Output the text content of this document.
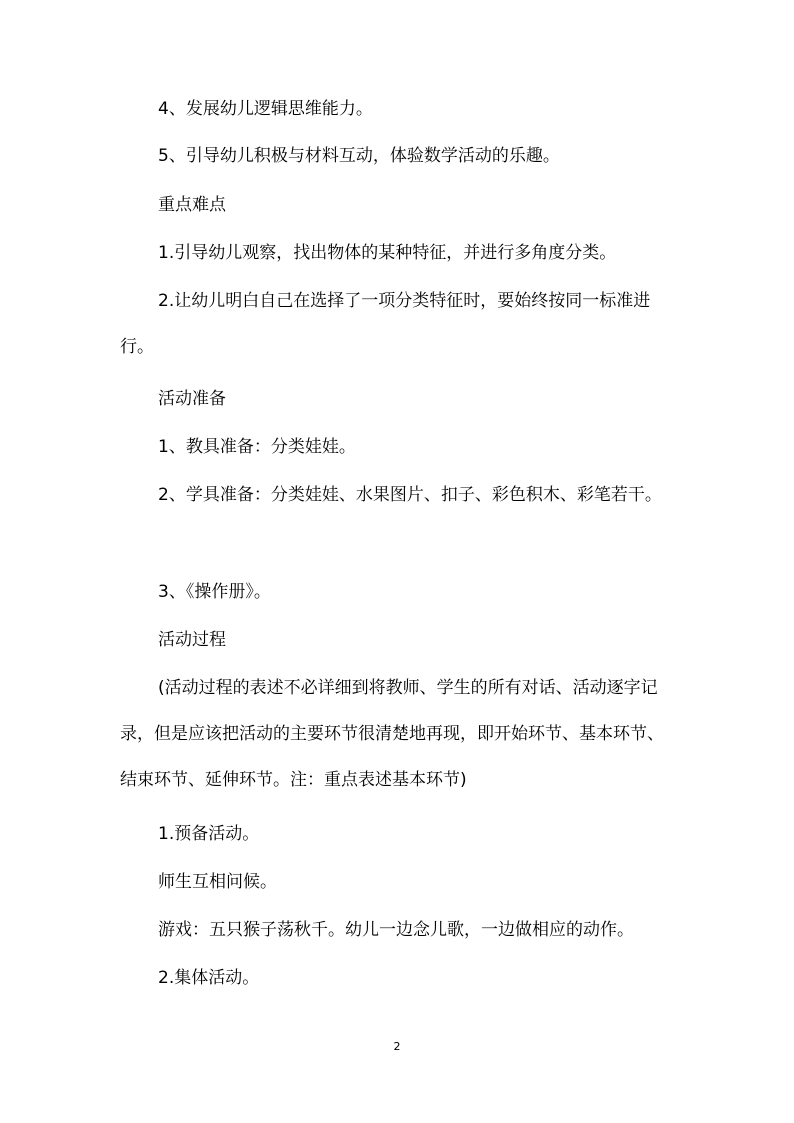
4、发展幼儿逻辑思维能力。
5、引导幼儿积极与材料互动，体验数学活动的乐趣。
重点难点
1.引导幼儿观察，找出物体的某种特征，并进行多角度分类。
2.让幼儿明白自己在选择了一项分类特征时，要始终按同一标准进行。
活动准备
1、教具准备：分类娃娃。
2、学具准备：分类娃娃、水果图片、扣子、彩色积木、彩笔若干。
3、《操作册》。
活动过程
(活动过程的表述不必详细到将教师、学生的所有对话、活动逐字记录，但是应该把活动的主要环节很清楚地再现，即开始环节、基本环节、结束环节、延伸环节。注：重点表述基本环节)
1.预备活动。
师生互相问候。
游戏：五只猴子荡秋千。幼儿一边念儿歌，一边做相应的动作。
2.集体活动。
2
